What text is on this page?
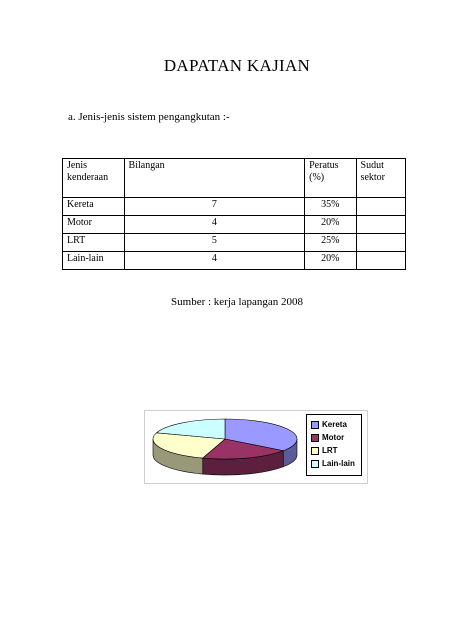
DAPATAN KAJIAN
a. Jenis-jenis sistem pengangkutan :-
Jenis kenderaan	Bilangan	Peratus (%)	Sudut sektor
Kereta	7	35%	
Motor	4	20%	
LRT	5	25%	
Lain-lain	4	20%	
Sumber : kerja lapangan 2008
Kereta
Motor
LRT
Lain-lain
